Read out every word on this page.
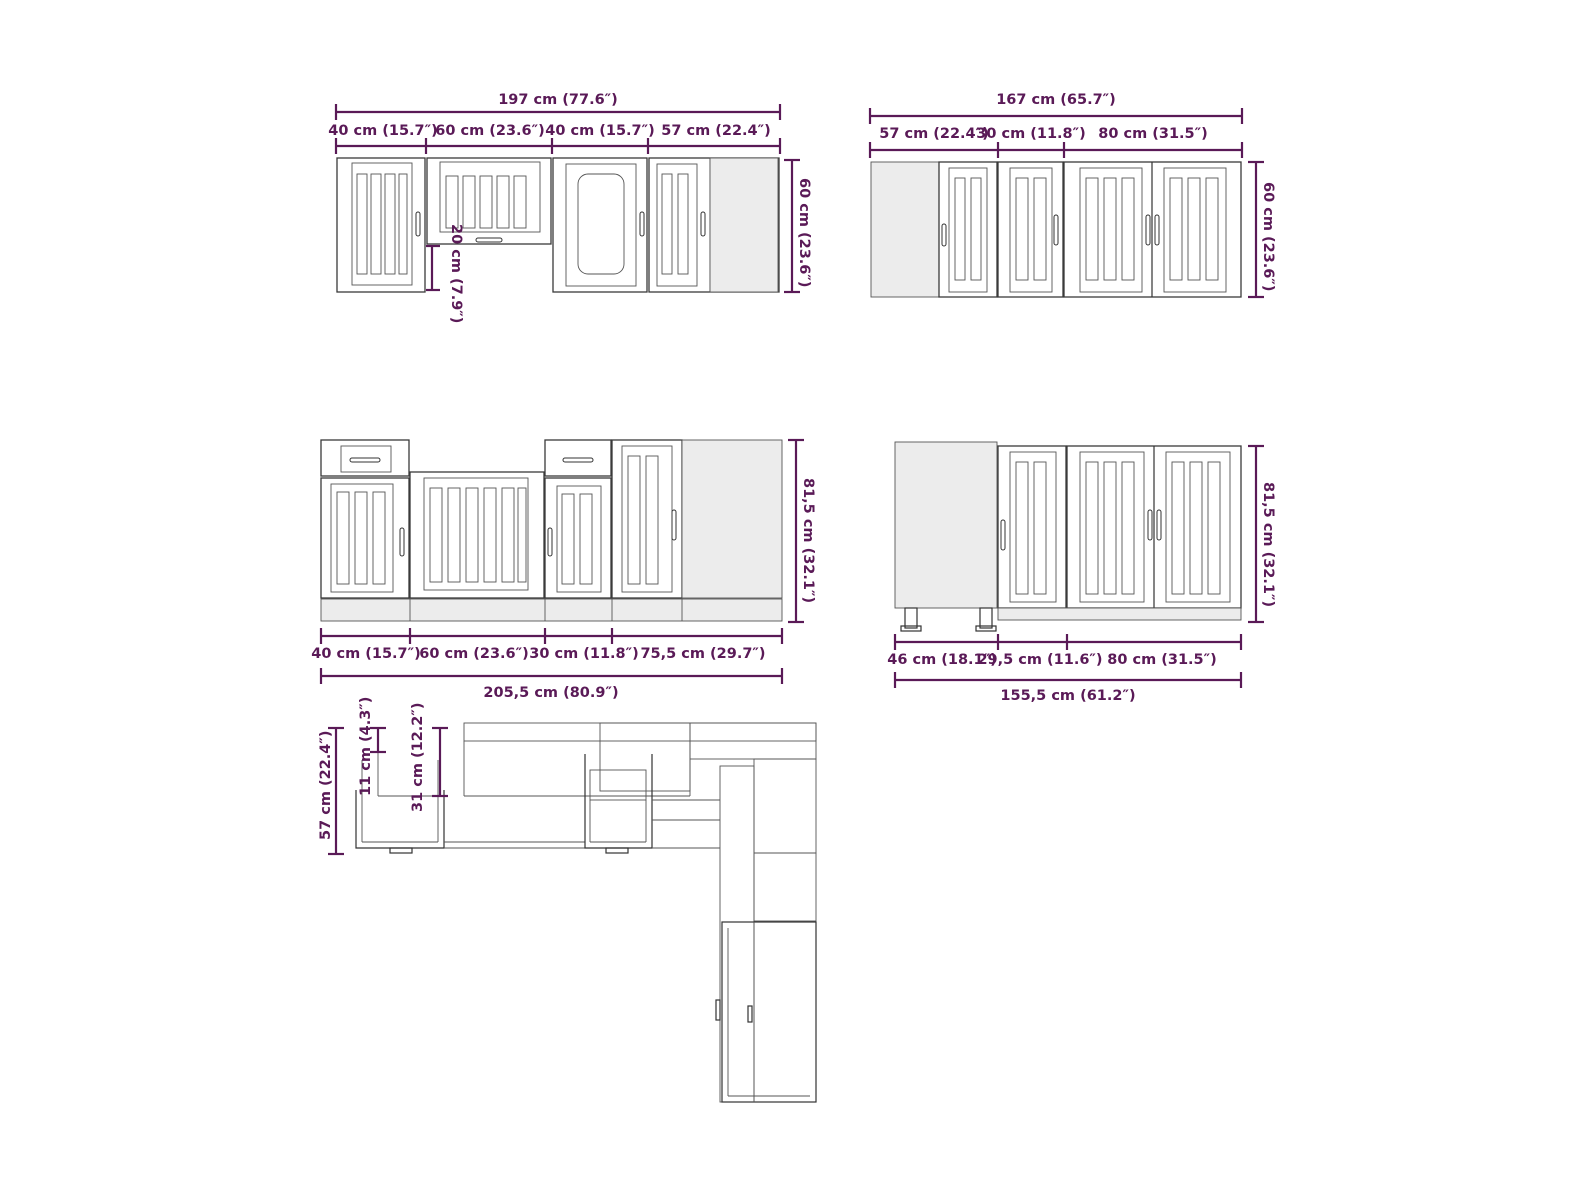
197 cm (77.6″)
40 cm (15.7″)
60 cm (23.6″) 40 cm (15.7″) 57 cm (22.4″)
20 cm (7.9″)	60 cm (23.6″)
167 cm (65.7″)
57 cm (22.4″)
30 cm (11.8″) 80 cm (31.5″)
60 cm (23.6″)
81,5 cm (32.1″)
40 cm (15.7″)
60 cm (23.6″) 30 cm (11.8″) 75,5 cm (29.7″)
205,5 cm (80.9″)
81,5 cm (32.1″)
46 cm (18.1″)
29,5 cm (11.6″) 80 cm (31.5″)
155,5 cm (61.2″)
57 cm (22.4″) 11 cm (4.3″) 31 cm (12.2″)
